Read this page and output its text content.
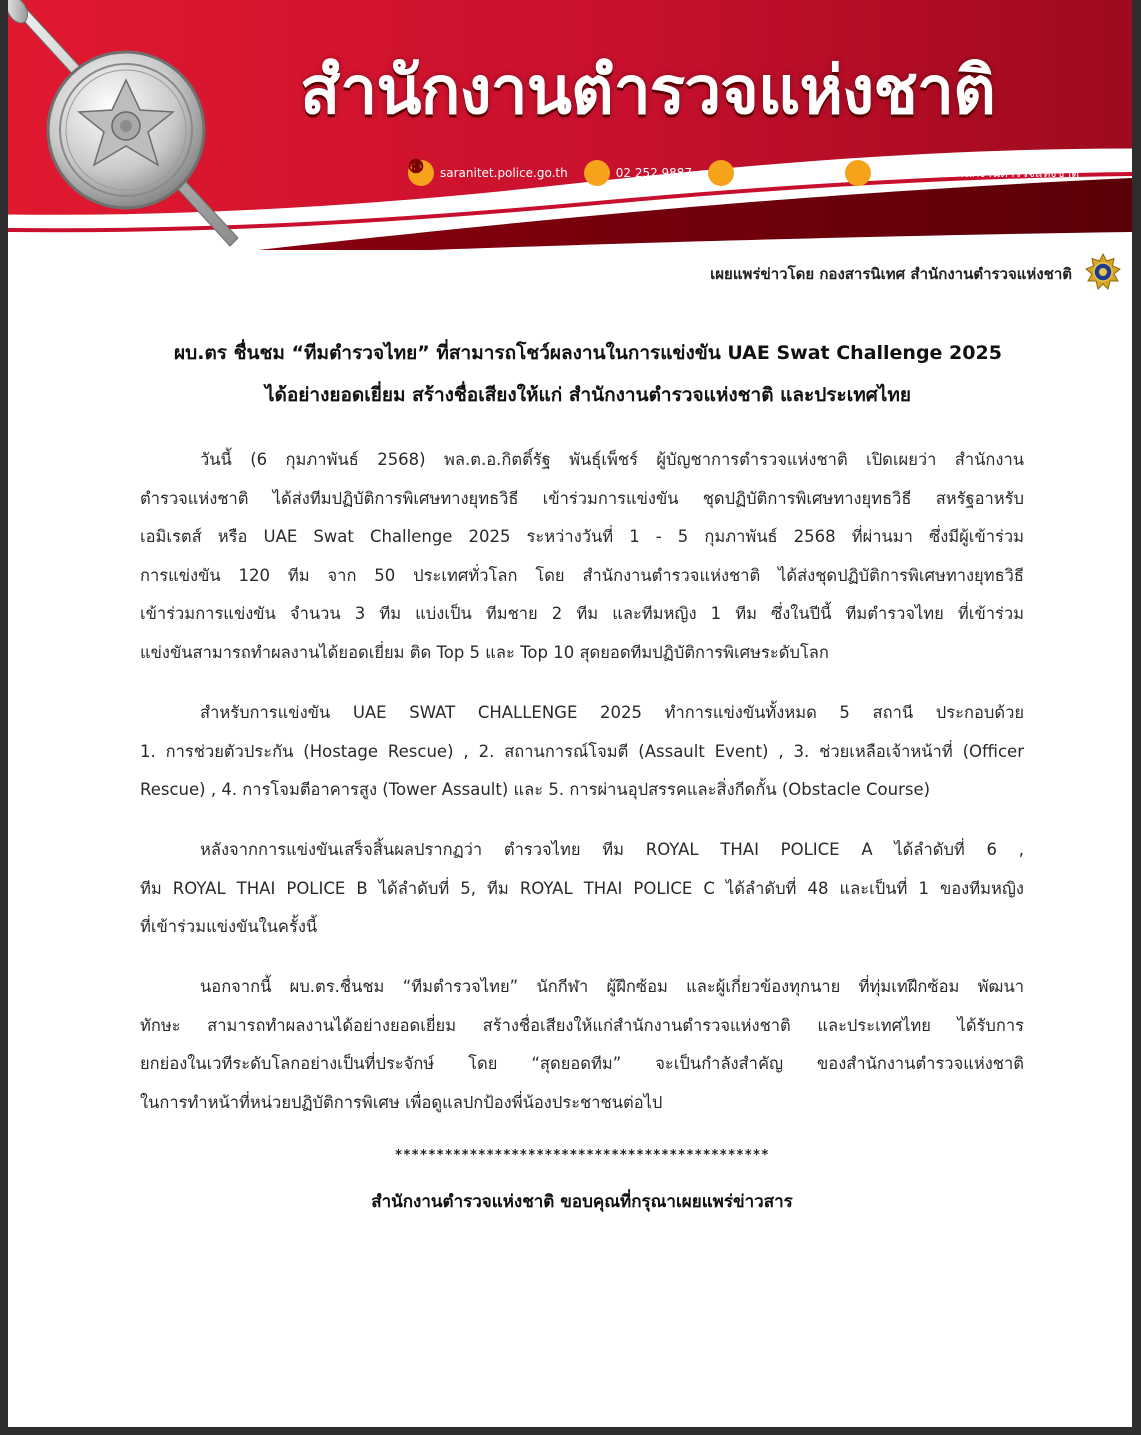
สำนักงานตำรวจแห่งชาติ
saranitet.police.go.th	02 252 9887	saranitetpolice	กองสารนิเทศ สำนักงานตำรวจแห่งชาติ
เผยแพร่ข่าวโดย กองสารนิเทศ สำนักงานตำรวจแห่งชาติ
ผบ.ตร ชื่นชม “ทีมตำรวจไทย” ที่สามารถโชว์ผลงานในการแข่งขัน UAE Swat Challenge 2025
ได้อย่างยอดเยี่ยม สร้างชื่อเสียงให้แก่ สำนักงานตำรวจแห่งชาติ และประเทศไทย
วันนี้ (6 กุมภาพันธ์ 2568) พล.ต.อ.กิตติ์รัฐ พันธุ์เพ็ชร์ ผู้บัญชาการตำรวจแห่งชาติ เปิดเผยว่า สำนักงาน
ตำรวจแห่งชาติ ได้ส่งทีมปฏิบัติการพิเศษทางยุทธวิธี เข้าร่วมการแข่งขัน ชุดปฏิบัติการพิเศษทางยุทธวิธี สหรัฐอาหรับ
เอมิเรตส์ หรือ UAE Swat Challenge 2025 ระหว่างวันที่ 1 - 5 กุมภาพันธ์ 2568 ที่ผ่านมา ซึ่งมีผู้เข้าร่วม
การแข่งขัน 120 ทีม จาก 50 ประเทศทั่วโลก โดย สำนักงานตำรวจแห่งชาติ ได้ส่งชุดปฏิบัติการพิเศษทางยุทธวิธี
เข้าร่วมการแข่งขัน จำนวน 3 ทีม แบ่งเป็น ทีมชาย 2 ทีม และทีมหญิง 1 ทีม ซึ่งในปีนี้ ทีมตำรวจไทย ที่เข้าร่วม
แข่งขันสามารถทำผลงานได้ยอดเยี่ยม ติด Top 5 และ Top 10 สุดยอดทีมปฏิบัติการพิเศษระดับโลก
สำหรับการแข่งขัน UAE SWAT CHALLENGE 2025 ทำการแข่งขันทั้งหมด 5 สถานี ประกอบด้วย
1. การช่วยตัวประกัน (Hostage Rescue) , 2. สถานการณ์โจมตี (Assault Event) , 3. ช่วยเหลือเจ้าหน้าที่ (Officer
Rescue) , 4. การโจมตีอาคารสูง (Tower Assault) และ 5. การผ่านอุปสรรคและสิ่งกีดกั้น (Obstacle Course)
หลังจากการแข่งขันเสร็จสิ้นผลปรากฏว่า ตำรวจไทย ทีม ROYAL THAI POLICE A ได้ลำดับที่ 6 ,
ทีม ROYAL THAI POLICE B ได้ลำดับที่ 5, ทีม ROYAL THAI POLICE C ได้ลำดับที่ 48 และเป็นที่ 1 ของทีมหญิง
ที่เข้าร่วมแข่งขันในครั้งนี้
นอกจากนี้ ผบ.ตร.ชื่นชม “ทีมตำรวจไทย” นักกีฬา ผู้ฝึกซ้อม และผู้เกี่ยวข้องทุกนาย ที่ทุ่มเทฝึกซ้อม พัฒนา
ทักษะ สามารถทำผลงานได้อย่างยอดเยี่ยม สร้างชื่อเสียงให้แก่สำนักงานตำรวจแห่งชาติ และประเทศไทย ได้รับการ
ยกย่องในเวทีระดับโลกอย่างเป็นที่ประจักษ์ โดย “สุดยอดทีม” จะเป็นกำลังสำคัญ ของสำนักงานตำรวจแห่งชาติ
ในการทำหน้าที่หน่วยปฏิบัติการพิเศษ เพื่อดูแลปกป้องพี่น้องประชาชนต่อไป
*********************************************
สำนักงานตำรวจแห่งชาติ ขอบคุณที่กรุณาเผยแพร่ข่าวสาร
